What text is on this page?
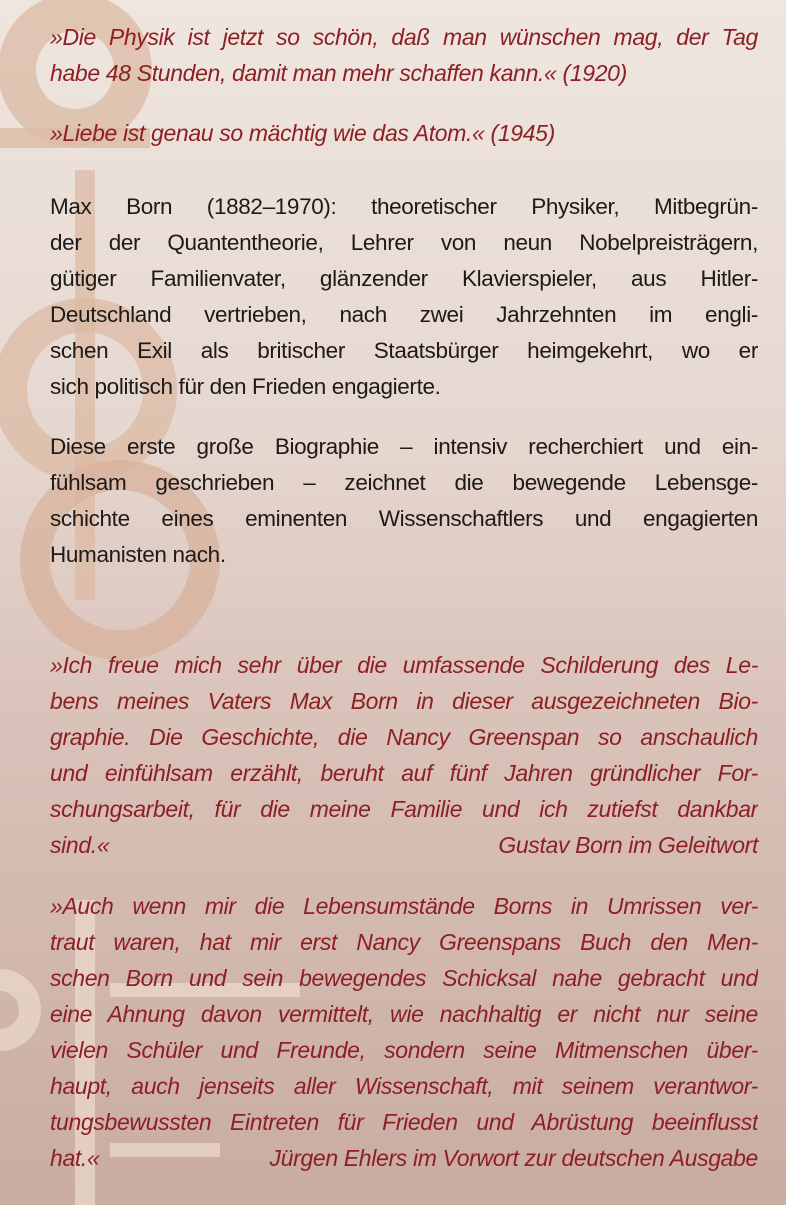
»Die Physik ist jetzt so schön, daß man wünschen mag, der Tag
habe 48 Stunden, damit man mehr schaffen kann.« (1920)
»Liebe ist genau so mächtig wie das Atom.« (1945)
Max Born (1882–1970): theoretischer Physiker, Mitbegrün-
der der Quantentheorie, Lehrer von neun Nobelpreisträgern,
gütiger Familienvater, glänzender Klavierspieler, aus Hitler-
Deutschland vertrieben, nach zwei Jahrzehnten im engli-
schen Exil als britischer Staatsbürger heimgekehrt, wo er
sich politisch für den Frieden engagierte.
Diese erste große Biographie – intensiv recherchiert und ein-
fühlsam geschrieben – zeichnet die bewegende Lebensge-
schichte eines eminenten Wissenschaftlers und engagierten
Humanisten nach.
»Ich freue mich sehr über die umfassende Schilderung des Le-
bens meines Vaters Max Born in dieser ausgezeichneten Bio-
graphie. Die Geschichte, die Nancy Greenspan so anschaulich
und einfühlsam erzählt, beruht auf fünf Jahren gründlicher For-
schungsarbeit, für die meine Familie und ich zutiefst dankbar
sind.«	Gustav Born im Geleitwort
»Auch wenn mir die Lebensumstände Borns in Umrissen ver-
traut waren, hat mir erst Nancy Greenspans Buch den Men-
schen Born und sein bewegendes Schicksal nahe gebracht und
eine Ahnung davon vermittelt, wie nachhaltig er nicht nur seine
vielen Schüler und Freunde, sondern seine Mitmenschen über-
haupt, auch jenseits aller Wissenschaft, mit seinem verantwor-
tungsbewussten Eintreten für Frieden und Abrüstung beeinflusst
hat.«	Jürgen Ehlers im Vorwort zur deutschen Ausgabe
